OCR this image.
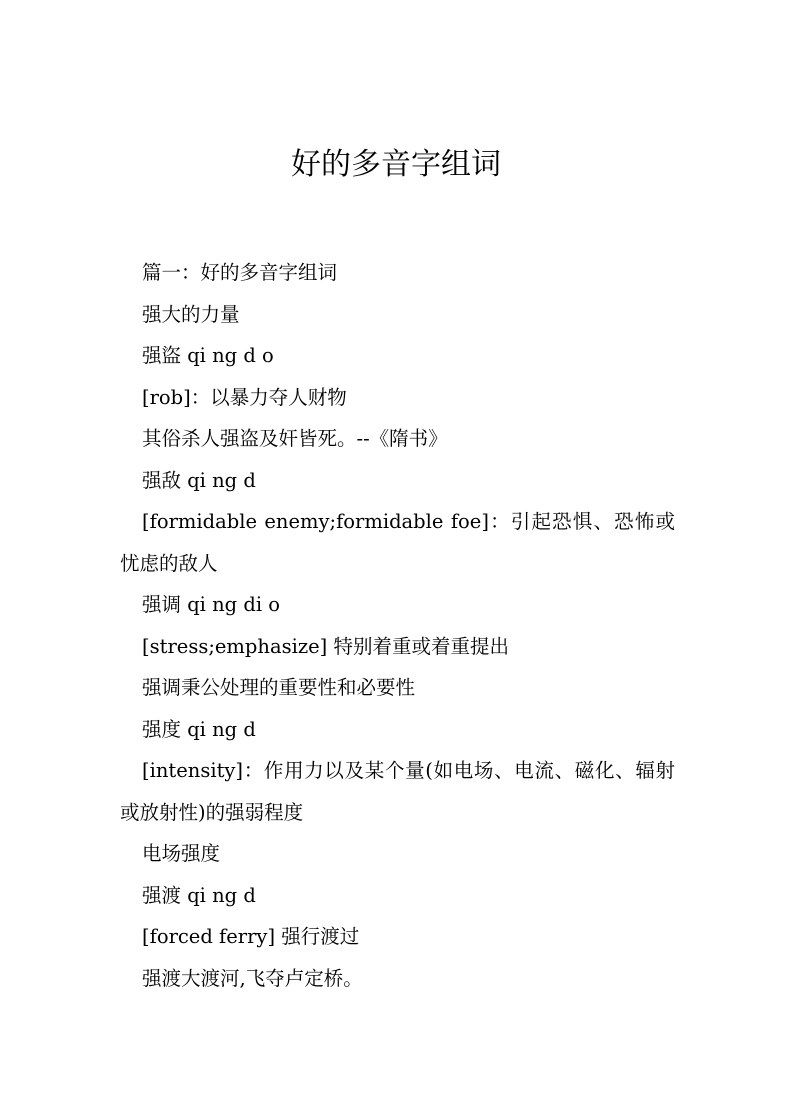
好的多音字组词

篇一：好的多音字组词

强大的力量

强盜 qi ng d o

[rob]：以暴力夺人财物

其俗杀人强盗及奸皆死。--《隋书》

强敌 qi ng d

[formidable enemy;formidable foe]：引起恐惧、恐怖或忧虑的敌人

强调 qi ng di o

[stress;emphasize] 特别着重或着重提出

强调秉公处理的重要性和必要性

强度 qi ng d

[intensity]：作用力以及某个量(如电场、电流、磁化、辐射或放射性)的强弱程度

电场强度

强渡 qi ng d

[forced ferry] 强行渡过

强渡大渡河,飞夺卢定桥。
